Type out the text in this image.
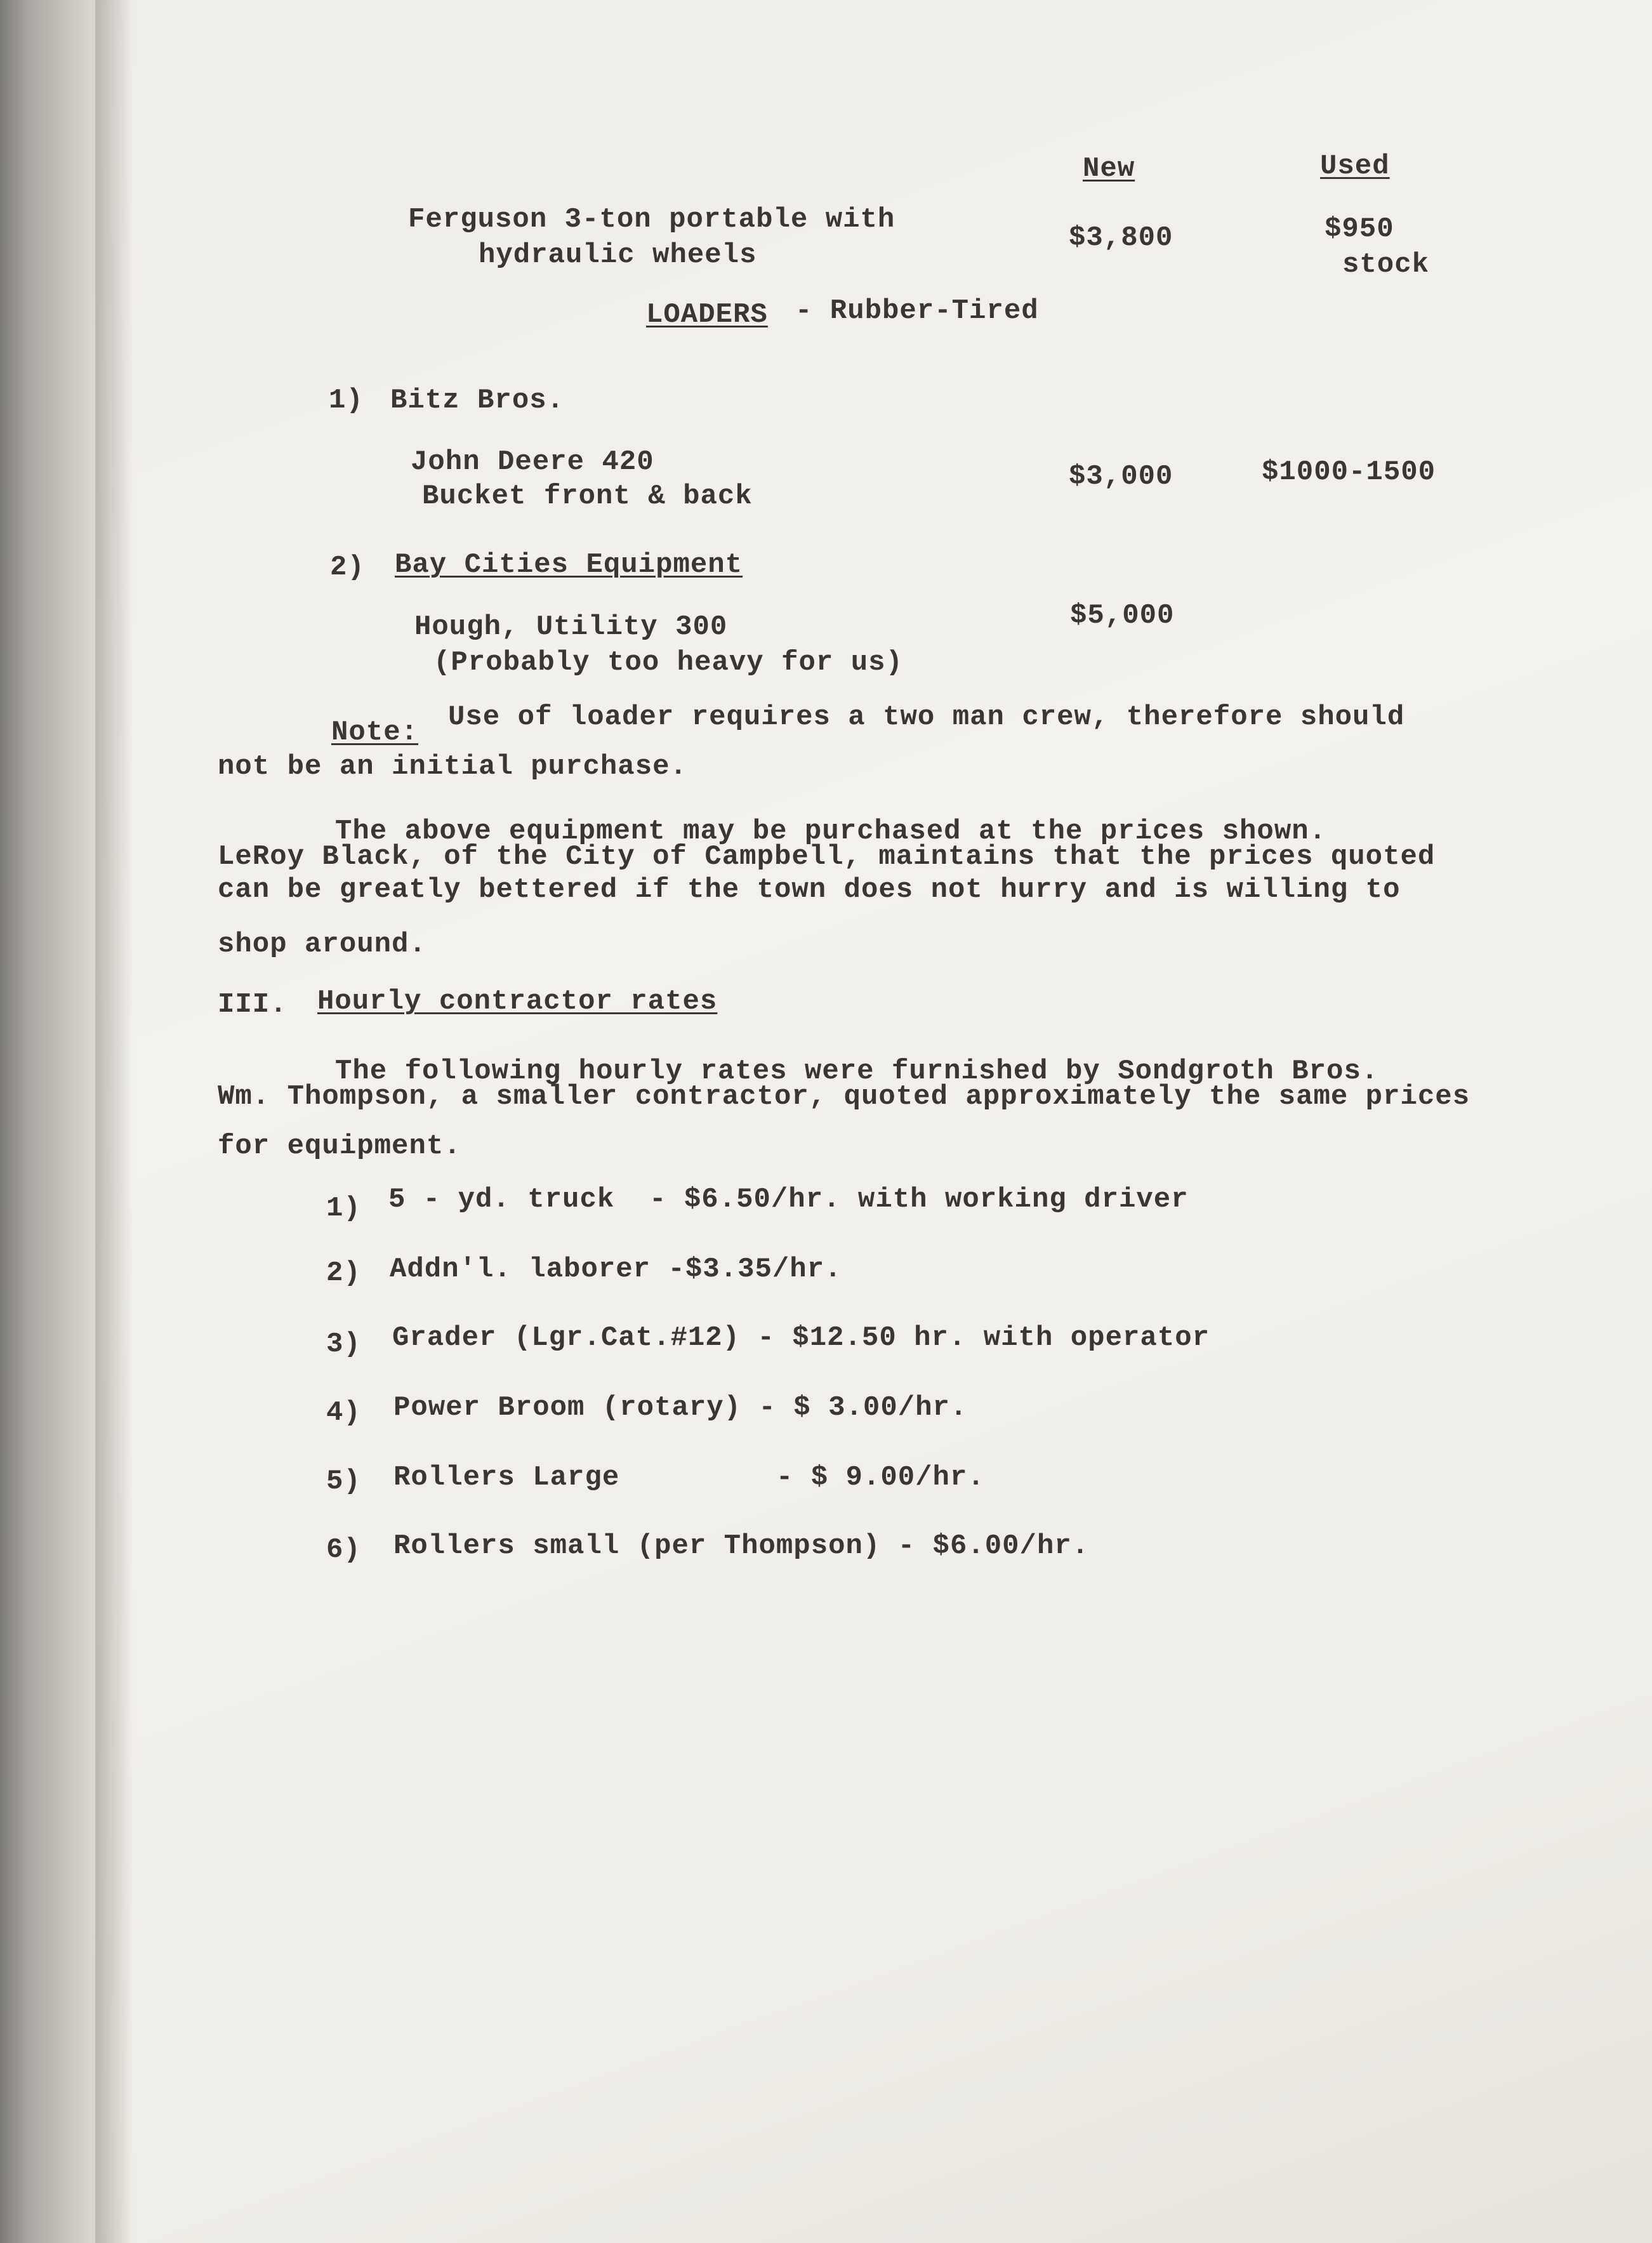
New	Used
Ferguson 3-ton portable with
hydraulic wheels
$3,800	$950
stock
LOADERS - Rubber-Tired
1) Bitz Bros.
John Deere 420
Bucket front & back
$3,000	$1000-1500
2) Bay Cities Equipment
Hough, Utility 300
(Probably too heavy for us)
$5,000
Note: Use of loader requires a two man crew, therefore should
not be an initial purchase.
The above equipment may be purchased at the prices shown.
LeRoy Black, of the City of Campbell, maintains that the prices quoted
can be greatly bettered if the town does not hurry and is willing to
shop around.
III. Hourly contractor rates
The following hourly rates were furnished by Sondgroth Bros.
Wm. Thompson, a smaller contractor, quoted approximately the same prices
for equipment.
1) 5 - yd. truck  - $6.50/hr. with working driver
2) Addn'l. laborer -$3.35/hr.
3) Grader (Lgr.Cat.#12) - $12.50 hr. with operator
4) Power Broom (rotary) - $ 3.00/hr.
5) Rollers Large         - $ 9.00/hr.
6) Rollers small (per Thompson) - $6.00/hr.
